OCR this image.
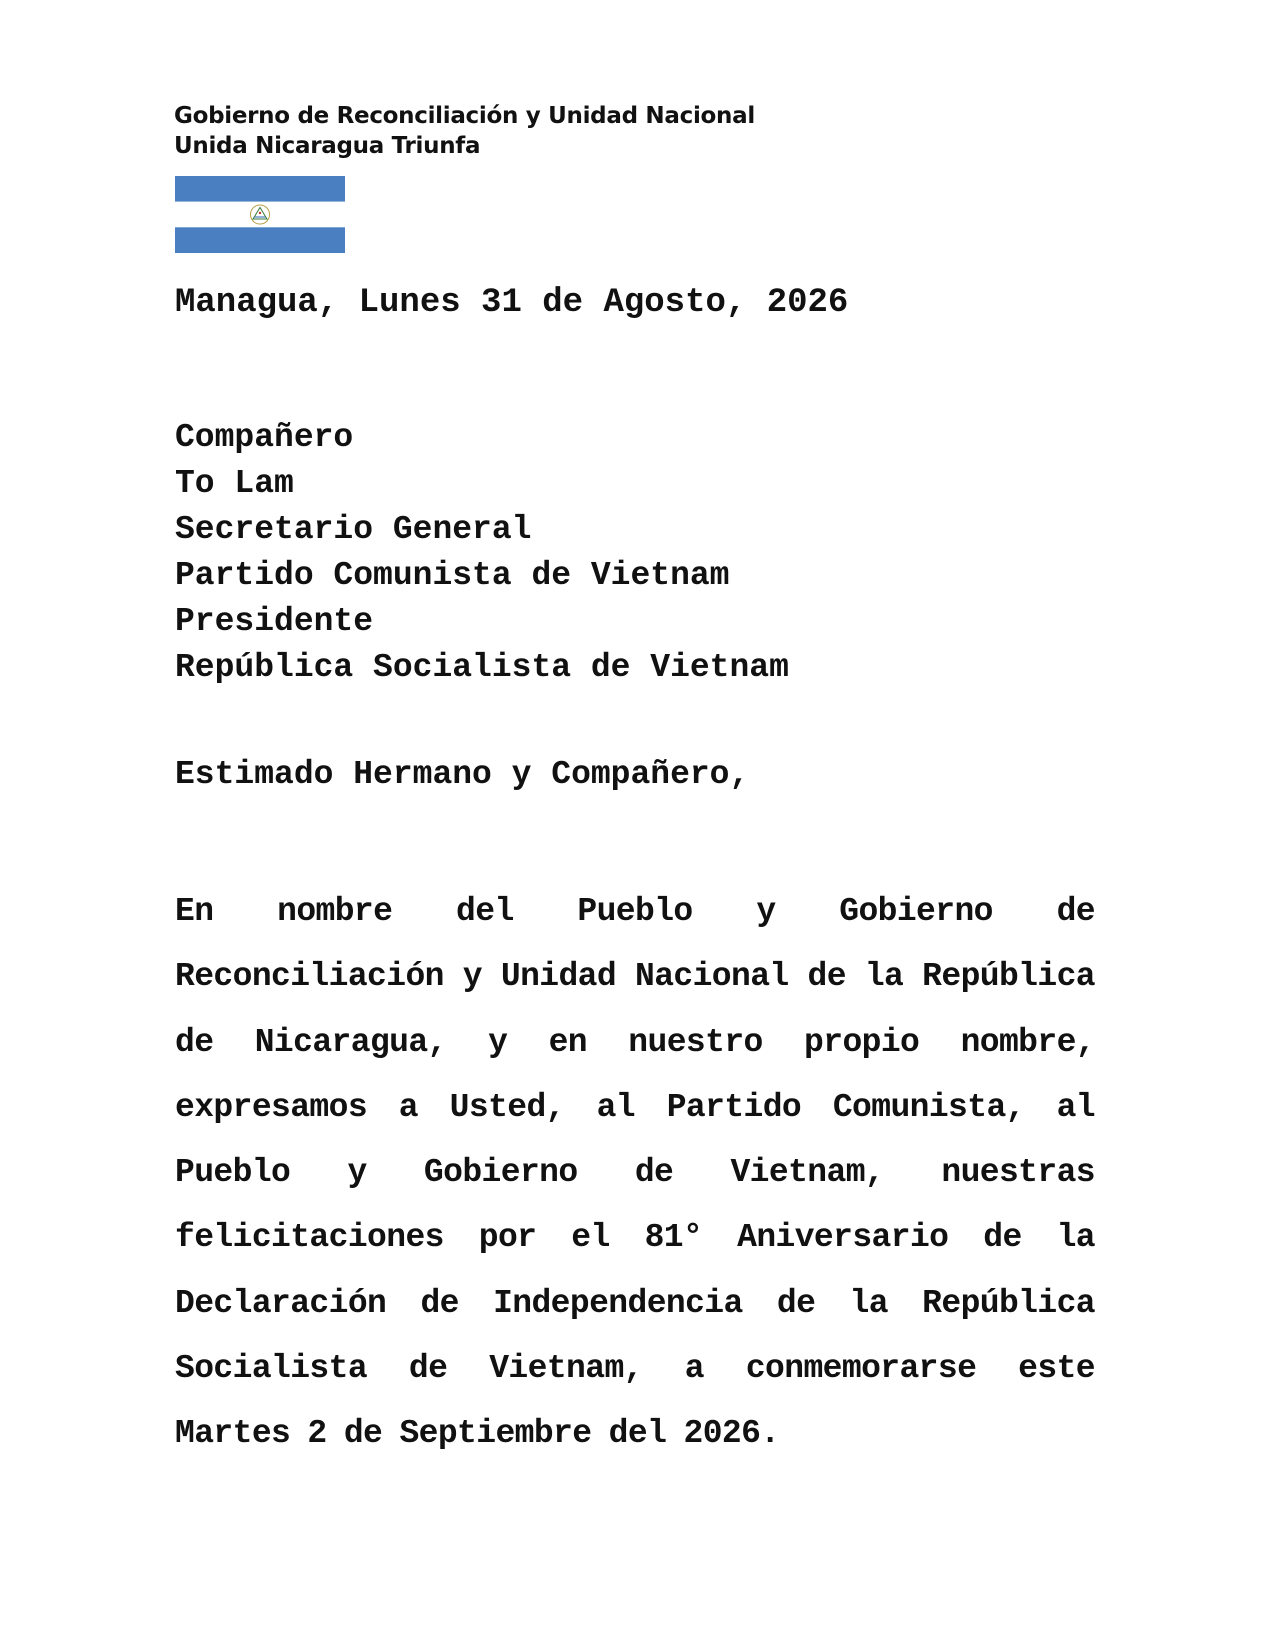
Gobierno de Reconciliación y Unidad Nacional
Unida Nicaragua Triunfa
Managua, Lunes 31 de Agosto, 2026
Compañero
To Lam
Secretario General
Partido Comunista de Vietnam
Presidente
República Socialista de Vietnam
Estimado Hermano y Compañero,
En nombre del Pueblo y Gobierno de Reconciliación y Unidad Nacional de la República de Nicaragua, y en nuestro propio nombre, expresamos a Usted, al Partido Comunista, al Pueblo y Gobierno de Vietnam, nuestras felicitaciones por el 81° Aniversario de la Declaración de Independencia de la República Socialista de Vietnam, a conmemorarse este Martes 2 de Septiembre del 2026.
